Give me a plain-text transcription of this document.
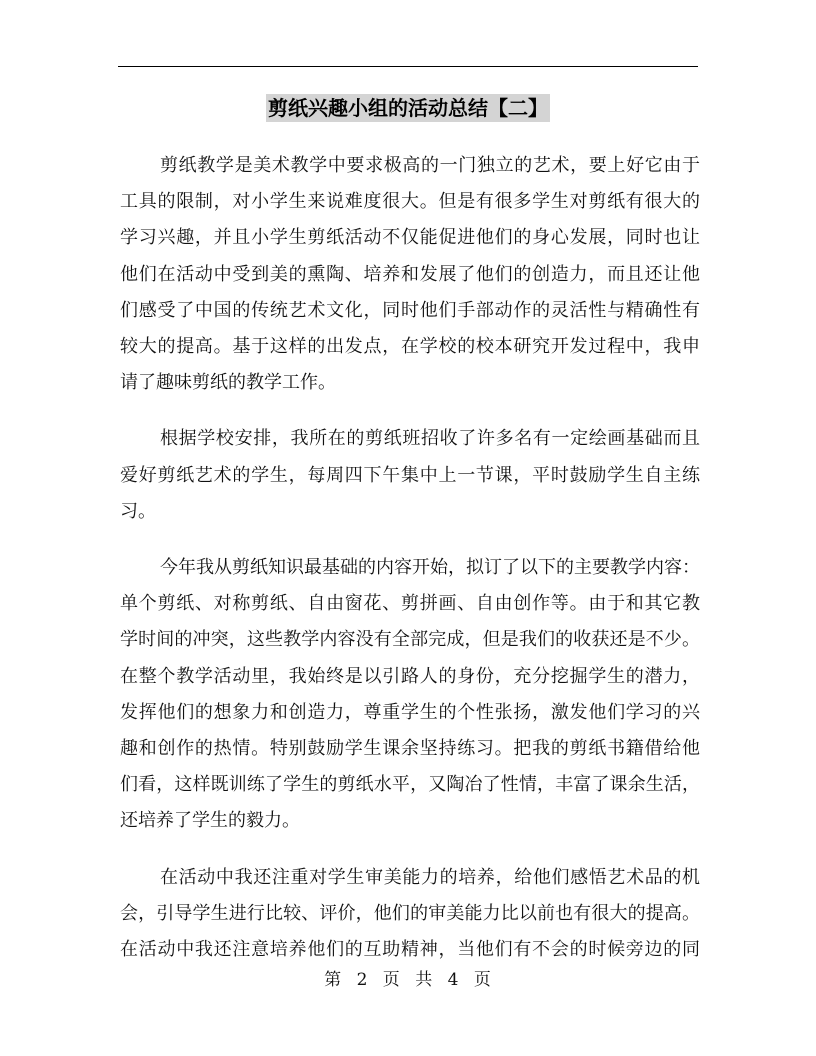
剪纸兴趣小组的活动总结【二】
剪纸教学是美术教学中要求极高的一门独立的艺术，要上好它由于
工具的限制，对小学生来说难度很大。但是有很多学生对剪纸有很大的
学习兴趣，并且小学生剪纸活动不仅能促进他们的身心发展，同时也让
他们在活动中受到美的熏陶、培养和发展了他们的创造力，而且还让他
们感受了中国的传统艺术文化，同时他们手部动作的灵活性与精确性有
较大的提高。基于这样的出发点，在学校的校本研究开发过程中，我申
请了趣味剪纸的教学工作。
根据学校安排，我所在的剪纸班招收了许多名有一定绘画基础而且
爱好剪纸艺术的学生，每周四下午集中上一节课，平时鼓励学生自主练
习。
今年我从剪纸知识最基础的内容开始，拟订了以下的主要教学内容：
单个剪纸、对称剪纸、自由窗花、剪拼画、自由创作等。由于和其它教
学时间的冲突，这些教学内容没有全部完成，但是我们的收获还是不少。
在整个教学活动里，我始终是以引路人的身份，充分挖掘学生的潜力，
发挥他们的想象力和创造力，尊重学生的个性张扬，激发他们学习的兴
趣和创作的热情。特别鼓励学生课余坚持练习。把我的剪纸书籍借给他
们看，这样既训练了学生的剪纸水平，又陶冶了性情，丰富了课余生活，
还培养了学生的毅力。
在活动中我还注重对学生审美能力的培养，给他们感悟艺术品的机
会，引导学生进行比较、评价，他们的审美能力比以前也有很大的提高。
在活动中我还注意培养他们的互助精神，当他们有不会的时候旁边的同
第 2 页 共 4 页
